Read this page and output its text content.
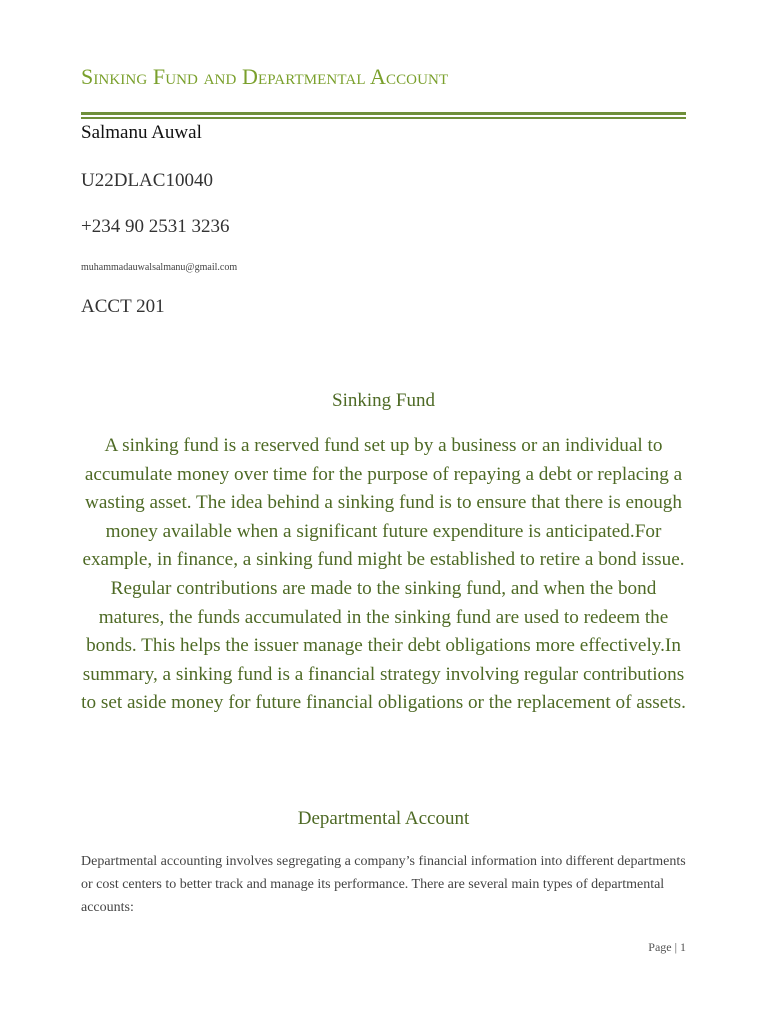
Sinking Fund and Departmental Account

Salmanu Auwal

U22DLAC10040

+234 90 2531 3236

muhammadauwalsalmanu@gmail.com

ACCT 201

Sinking Fund

A sinking fund is a reserved fund set up by a business or an individual to accumulate money over time for the purpose of repaying a debt or replacing a wasting asset. The idea behind a sinking fund is to ensure that there is enough money available when a significant future expenditure is anticipated.For example, in finance, a sinking fund might be established to retire a bond issue. Regular contributions are made to the sinking fund, and when the bond matures, the funds accumulated in the sinking fund are used to redeem the bonds. This helps the issuer manage their debt obligations more effectively.In summary, a sinking fund is a financial strategy involving regular contributions to set aside money for future financial obligations or the replacement of assets.

Departmental Account

Departmental accounting involves segregating a company’s financial information into different departments or cost centers to better track and manage its performance. There are several main types of departmental accounts:

Page | 1
